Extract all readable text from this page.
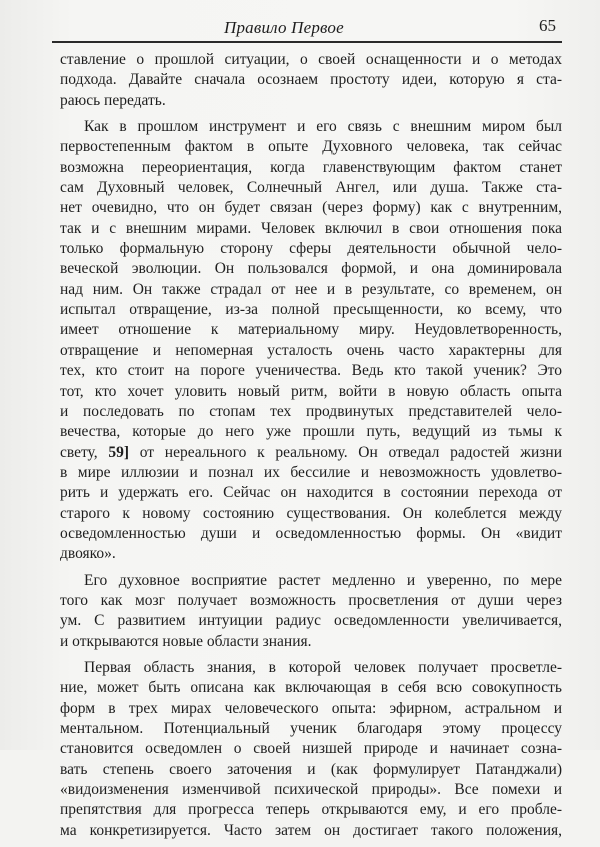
Правило Первое	65
ставление о прошлой ситуации, о своей оснащенности и о методах
подхода. Давайте сначала осознаем простоту идеи, которую я ста-
раюсь передать.
Как в прошлом инструмент и его связь с внешним миром был
первостепенным фактом в опыте Духовного человека, так сейчас
возможна переориентация, когда главенствующим фактом станет
сам Духовный человек, Солнечный Ангел, или душа. Также ста-
нет очевидно, что он будет связан (через форму) как с внутренним,
так и с внешним мирами. Человек включил в свои отношения пока
только формальную сторону сферы деятельности обычной чело-
веческой эволюции. Он пользовался формой, и она доминировала
над ним. Он также страдал от нее и в результате, со временем, он
испытал отвращение, из-за полной пресыщенности, ко всему, что
имеет отношение к материальному миру. Неудовлетворенность,
отвращение и непомерная усталость очень часто характерны для
тех, кто стоит на пороге ученичества. Ведь кто такой ученик? Это
тот, кто хочет уловить новый ритм, войти в новую область опыта
и последовать по стопам тех продвинутых представителей чело-
вечества, которые до него уже прошли путь, ведущий из тьмы к
свету, 59] от нереального к реальному. Он отведал радостей жизни
в мире иллюзии и познал их бессилие и невозможность удовлетво-
рить и удержать его. Сейчас он находится в состоянии перехода от
старого к новому состоянию существования. Он колеблется между
осведомленностью души и осведомленностью формы. Он «видит
двояко».
Его духовное восприятие растет медленно и уверенно, по мере
того как мозг получает возможность просветления от души через
ум. С развитием интуиции радиус осведомленности увеличивается,
и открываются новые области знания.
Первая область знания, в которой человек получает просветле-
ние, может быть описана как включающая в себя всю совокупность
форм в трех мирах человеческого опыта: эфирном, астральном и
ментальном. Потенциальный ученик благодаря этому процессу
становится осведомлен о своей низшей природе и начинает созна-
вать степень своего заточения и (как формулирует Патанджали)
«видоизменения изменчивой психической природы». Все помехи и
препятствия для прогресса теперь открываются ему, и его пробле-
ма конкретизируется. Часто затем он достигает такого положения,
